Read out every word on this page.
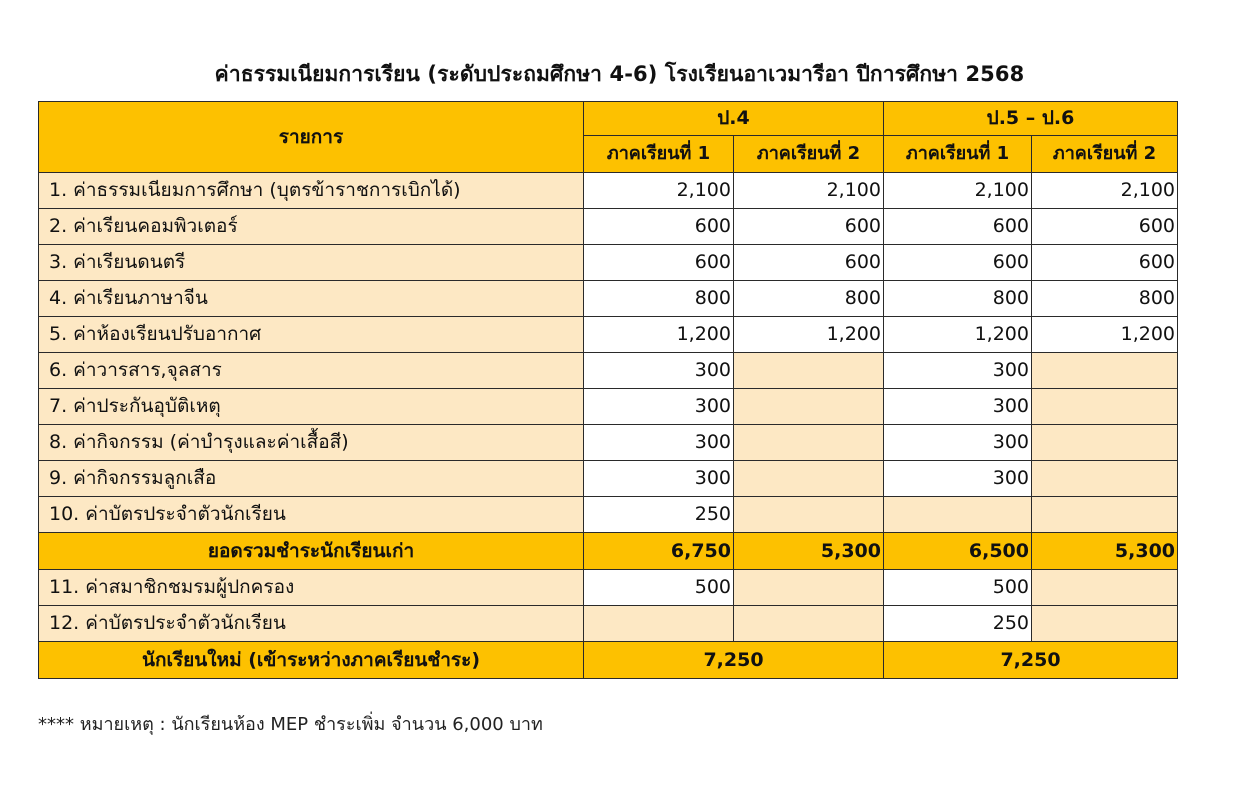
ค่าธรรมเนียมการเรียน (ระดับประถมศึกษา 4-6) โรงเรียนอาเวมารีอา ปีการศึกษา 2568
รายการ	ป.4		ป.5 – ป.6	
	ภาคเรียนที่ 1	ภาคเรียนที่ 2	ภาคเรียนที่ 1	ภาคเรียนที่ 2
1. ค่าธรรมเนียมการศึกษา (บุตรข้าราชการเบิกได้)	2,100	2,100	2,100	2,100
2. ค่าเรียนคอมพิวเตอร์	600	600	600	600
3. ค่าเรียนดนตรี	600	600	600	600
4. ค่าเรียนภาษาจีน	800	800	800	800
5. ค่าห้องเรียนปรับอากาศ	1,200	1,200	1,200	1,200
6. ค่าวารสาร,จุลสาร	300		300	
7. ค่าประกันอุบัติเหตุ	300		300	
8. ค่ากิจกรรม (ค่าบำรุงและค่าเสื้อสี)	300		300	
9. ค่ากิจกรรมลูกเสือ	300		300	
10. ค่าบัตรประจำตัวนักเรียน	250			
ยอดรวมชำระนักเรียนเก่า	6,750	5,300	6,500	5,300
11. ค่าสมาชิกชมรมผู้ปกครอง	500		500	
12. ค่าบัตรประจำตัวนักเรียน			250	
นักเรียนใหม่ (เข้าระหว่างภาคเรียนชำระ)	7,250		7,250	
**** หมายเหตุ : นักเรียนห้อง MEP ชำระเพิ่ม จำนวน 6,000 บาท
